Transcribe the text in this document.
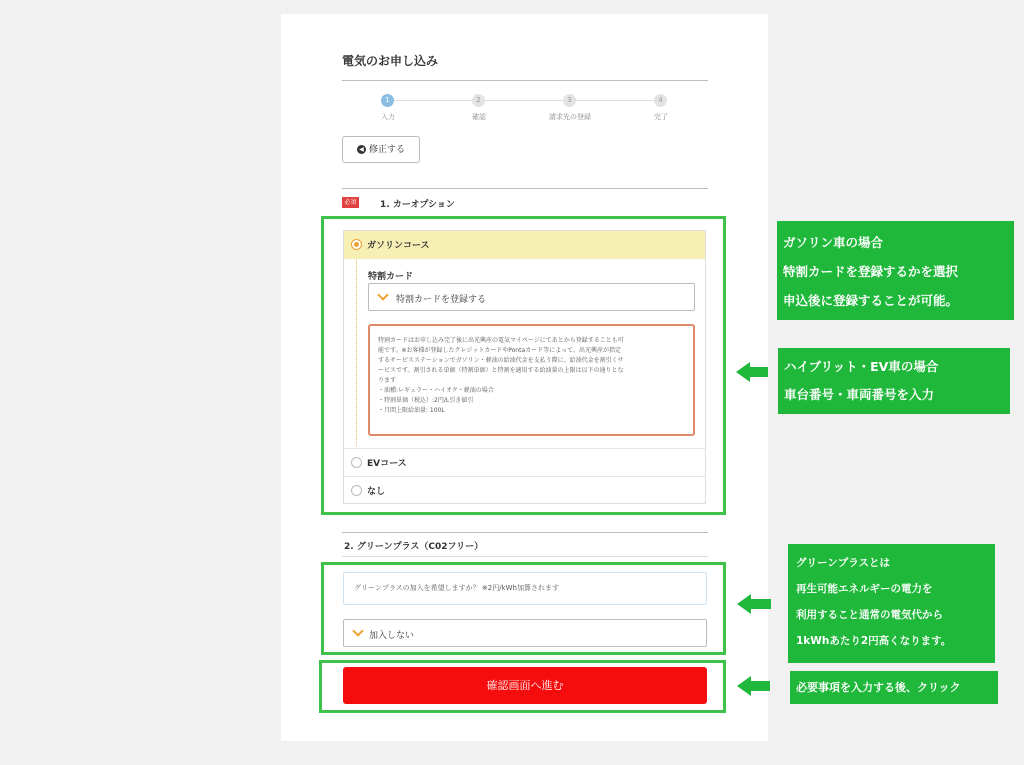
電気のお申し込み
1	2	3	4
入力	確認	請求先の登録	完了
◀ 修正する
必須	1. カーオプション
ガソリンコース
特割カード
特割カードを登録する
特割カードはお申し込み完了後に出光興産の電気マイページにてあとから登録することも可
能です。※お客様が登録したクレジットカードやPontaカード等によって、出光興産が指定
するサービスステーションでガソリン・軽油の給油代金を支払う際に、給油代金を割引くサ
ービスです。割引される単価（特割単価）と特割を適用する給油量の上限は以下の通りとな
ります
・油種:レギュラー・ハイオク・軽油の場合
・特割単価（税込）:2円/L引き値引
・月間上限給油量: 100L
EVコース
なし
2. グリーンプラス（C02フリー）
グリーンプラスの加入を希望しますか？ ※2円/kWh加算されます
加入しない
確認画面へ進む
ガソリン車の場合
特割カードを登録するかを選択
申込後に登録することが可能。
ハイブリット・EV車の場合
車台番号・車両番号を入力
グリーンプラスとは
再生可能エネルギーの電力を
利用すること通常の電気代から
1kWhあたり2円高くなります。
必要事項を入力する後、クリック
